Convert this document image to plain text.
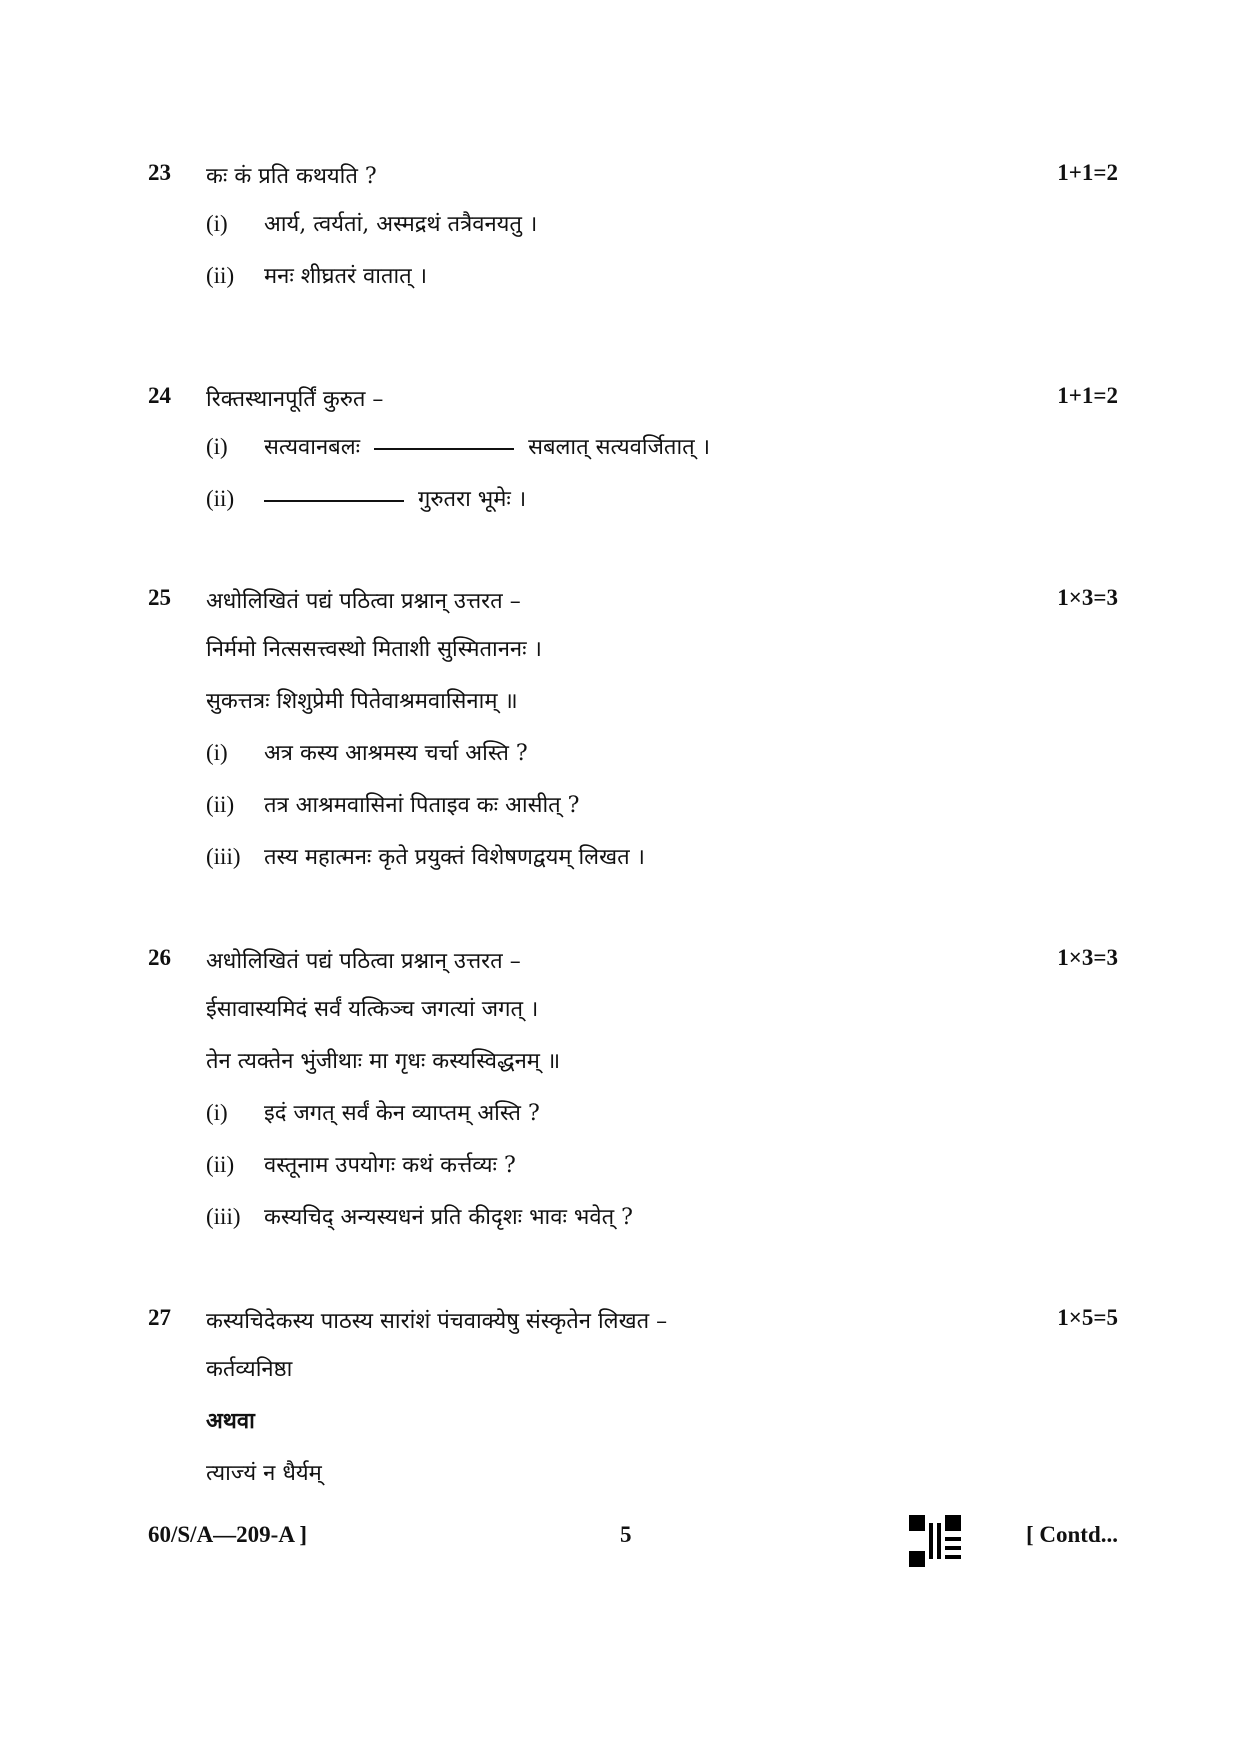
23 कः कं प्रति कथयति ?	1+1=2
(i) आर्य, त्वर्यतां, अस्मद्रथं तत्रैवनयतु ।
(ii) मनः शीघ्रतरं वातात् ।
24 रिक्तस्थानपूर्तिं कुरुत –	1+1=2
(i) सत्यवानबलः	सबलात् सत्यवर्जितात् ।
(ii)	गुरुतरा भूमेः ।
25 अधोलिखितं पद्यं पठित्वा प्रश्नान् उत्तरत –	1×3=3
निर्ममो नित्ससत्त्वस्थो मिताशी सुस्मिताननः ।
सुकत्तत्रः शिशुप्रेमी पितेवाश्रमवासिनाम् ॥
(i) अत्र कस्य आश्रमस्य चर्चा अस्ति ?
(ii) तत्र आश्रमवासिनां पिताइव कः आसीत् ?
(iii) तस्य महात्मनः कृते प्रयुक्तं विशेषणद्वयम् लिखत ।
26 अधोलिखितं पद्यं पठित्वा प्रश्नान् उत्तरत –	1×3=3
ईसावास्यमिदं सर्वं यत्किञ्च जगत्यां जगत् ।
तेन त्यक्तेन भुंजीथाः मा गृधः कस्यस्विद्धनम् ॥
(i) इदं जगत् सर्वं केन व्याप्तम् अस्ति ?
(ii) वस्तूनाम उपयोगः कथं कर्त्तव्यः ?
(iii) कस्यचिद् अन्यस्यधनं प्रति कीदृशः भावः भवेत् ?
27 कस्यचिदेकस्य पाठस्य सारांशं पंचवाक्येषु संस्कृतेन लिखत –	1×5=5
कर्तव्यनिष्ठा
अथवा
त्याज्यं न धैर्यम्
60/S/A—209-A ]	5	[ Contd...
